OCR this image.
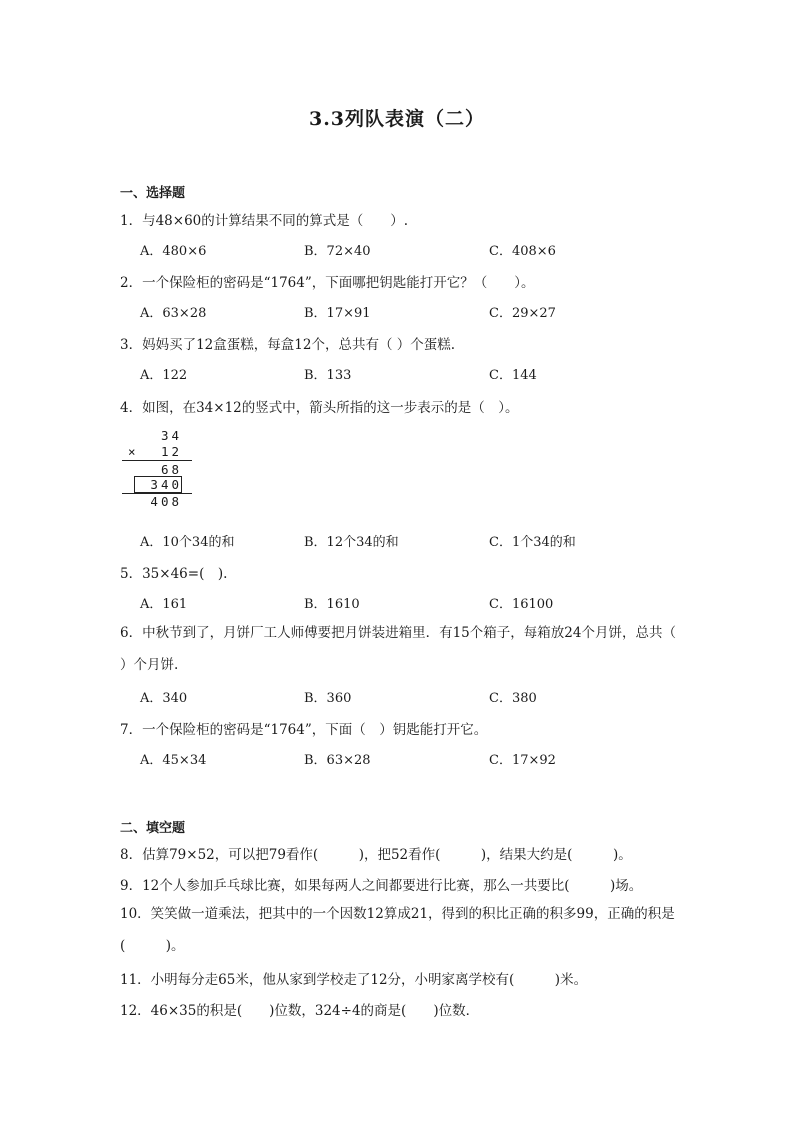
3.3列队表演（二）
一、选择题
1．与48×60的计算结果不同的算式是（　　）.
A．480×6	B．72×40	C．408×6
2．一个保险柜的密码是“1764”，下面哪把钥匙能打开它？（　　）。
A．63×28	B．17×91	C．29×27
3．妈妈买了12盒蛋糕，每盒12个，总共有（ ）个蛋糕.
A．122	B．133	C．144
4．如图，在34×12的竖式中，箭头所指的这一步表示的是（　）。
34
× 12
68
340
408
A．10个34的和	B．12个34的和	C．1个34的和
5．35×46=(　).
A．161	B．1610	C．16100
6．中秋节到了，月饼厂工人师傅要把月饼装进箱里．有15个箱子，每箱放24个月饼，总共（ ）个月饼.
A．340	B．360	C．380
7．一个保险柜的密码是“1764”，下面（　）钥匙能打开它。
A．45×34	B．63×28	C．17×92
二、填空题
8．估算79×52，可以把79看作(　　　)，把52看作(　　　)，结果大约是(　　　)。
9．12个人参加乒乓球比赛，如果每两人之间都要进行比赛，那么一共要比(　　　)场。
10．笑笑做一道乘法，把其中的一个因数12算成21，得到的积比正确的积多99，正确的积是(　　　)。
11．小明每分走65米，他从家到学校走了12分，小明家离学校有(　　　)米。
12．46×35的积是(　　)位数，324÷4的商是(　　)位数．
